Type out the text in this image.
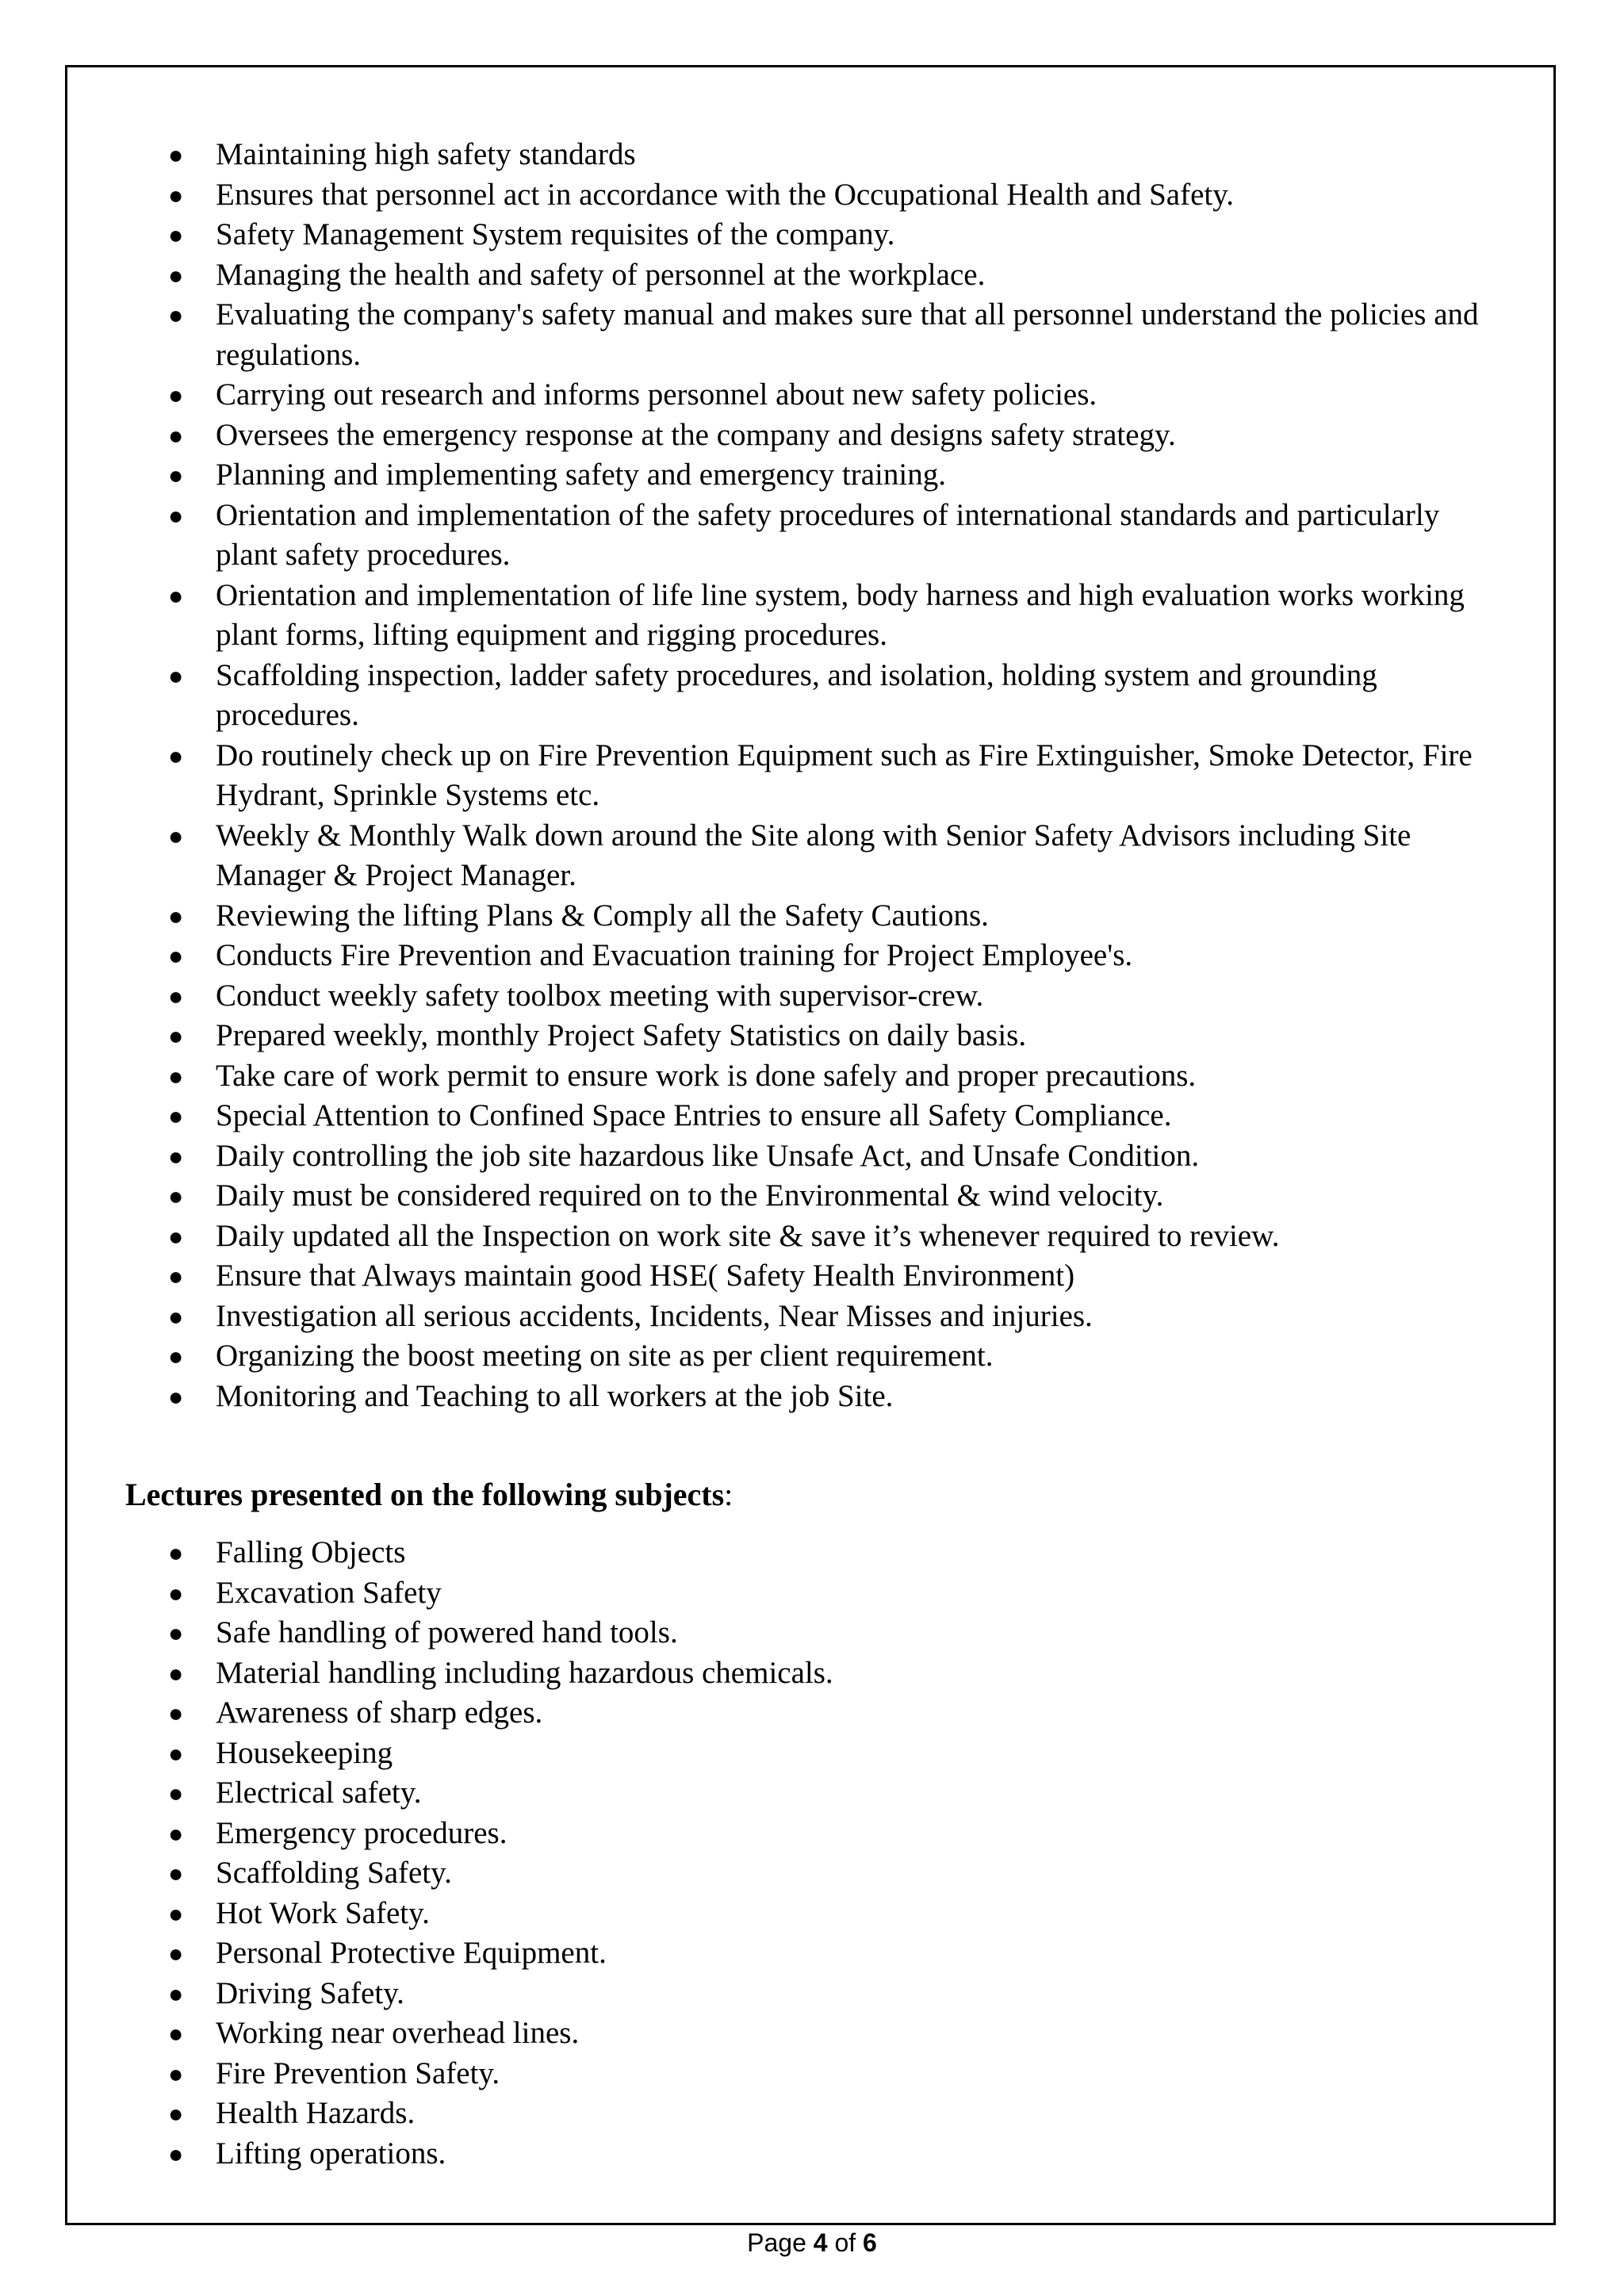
● Maintaining high safety standards
● Ensures that personnel act in accordance with the Occupational Health and Safety.
● Safety Management System requisites of the company.
● Managing the health and safety of personnel at the workplace.
● Evaluating the company's safety manual and makes sure that all personnel understand the policies and regulations.
● Carrying out research and informs personnel about new safety policies.
● Oversees the emergency response at the company and designs safety strategy.
● Planning and implementing safety and emergency training.
● Orientation and implementation of the safety procedures of international standards and particularly plant safety procedures.
● Orientation and implementation of life line system, body harness and high evaluation works working plant forms, lifting equipment and rigging procedures.
● Scaffolding inspection, ladder safety procedures, and isolation, holding system and grounding procedures.
● Do routinely check up on Fire Prevention Equipment such as Fire Extinguisher, Smoke Detector, Fire Hydrant, Sprinkle Systems etc.
● Weekly & Monthly Walk down around the Site along with Senior Safety Advisors including Site Manager & Project Manager.
● Reviewing the lifting Plans & Comply all the Safety Cautions.
● Conducts Fire Prevention and Evacuation training for Project Employee's.
● Conduct weekly safety toolbox meeting with supervisor-crew.
● Prepared weekly, monthly Project Safety Statistics on daily basis.
● Take care of work permit to ensure work is done safely and proper precautions.
● Special Attention to Confined Space Entries to ensure all Safety Compliance.
● Daily controlling the job site hazardous like Unsafe Act, and Unsafe Condition.
● Daily must be considered required on to the Environmental & wind velocity.
● Daily updated all the Inspection on work site & save it’s whenever required to review.
● Ensure that Always maintain good HSE( Safety Health Environment)
● Investigation all serious accidents, Incidents, Near Misses and injuries.
● Organizing the boost meeting on site as per client requirement.
● Monitoring and Teaching to all workers at the job Site.
Lectures presented on the following subjects:
● Falling Objects
● Excavation Safety
● Safe handling of powered hand tools.
● Material handling including hazardous chemicals.
● Awareness of sharp edges.
● Housekeeping
● Electrical safety.
● Emergency procedures.
● Scaffolding Safety.
● Hot Work Safety.
● Personal Protective Equipment.
● Driving Safety.
● Working near overhead lines.
● Fire Prevention Safety.
● Health Hazards.
● Lifting operations.
Page 4 of 6
